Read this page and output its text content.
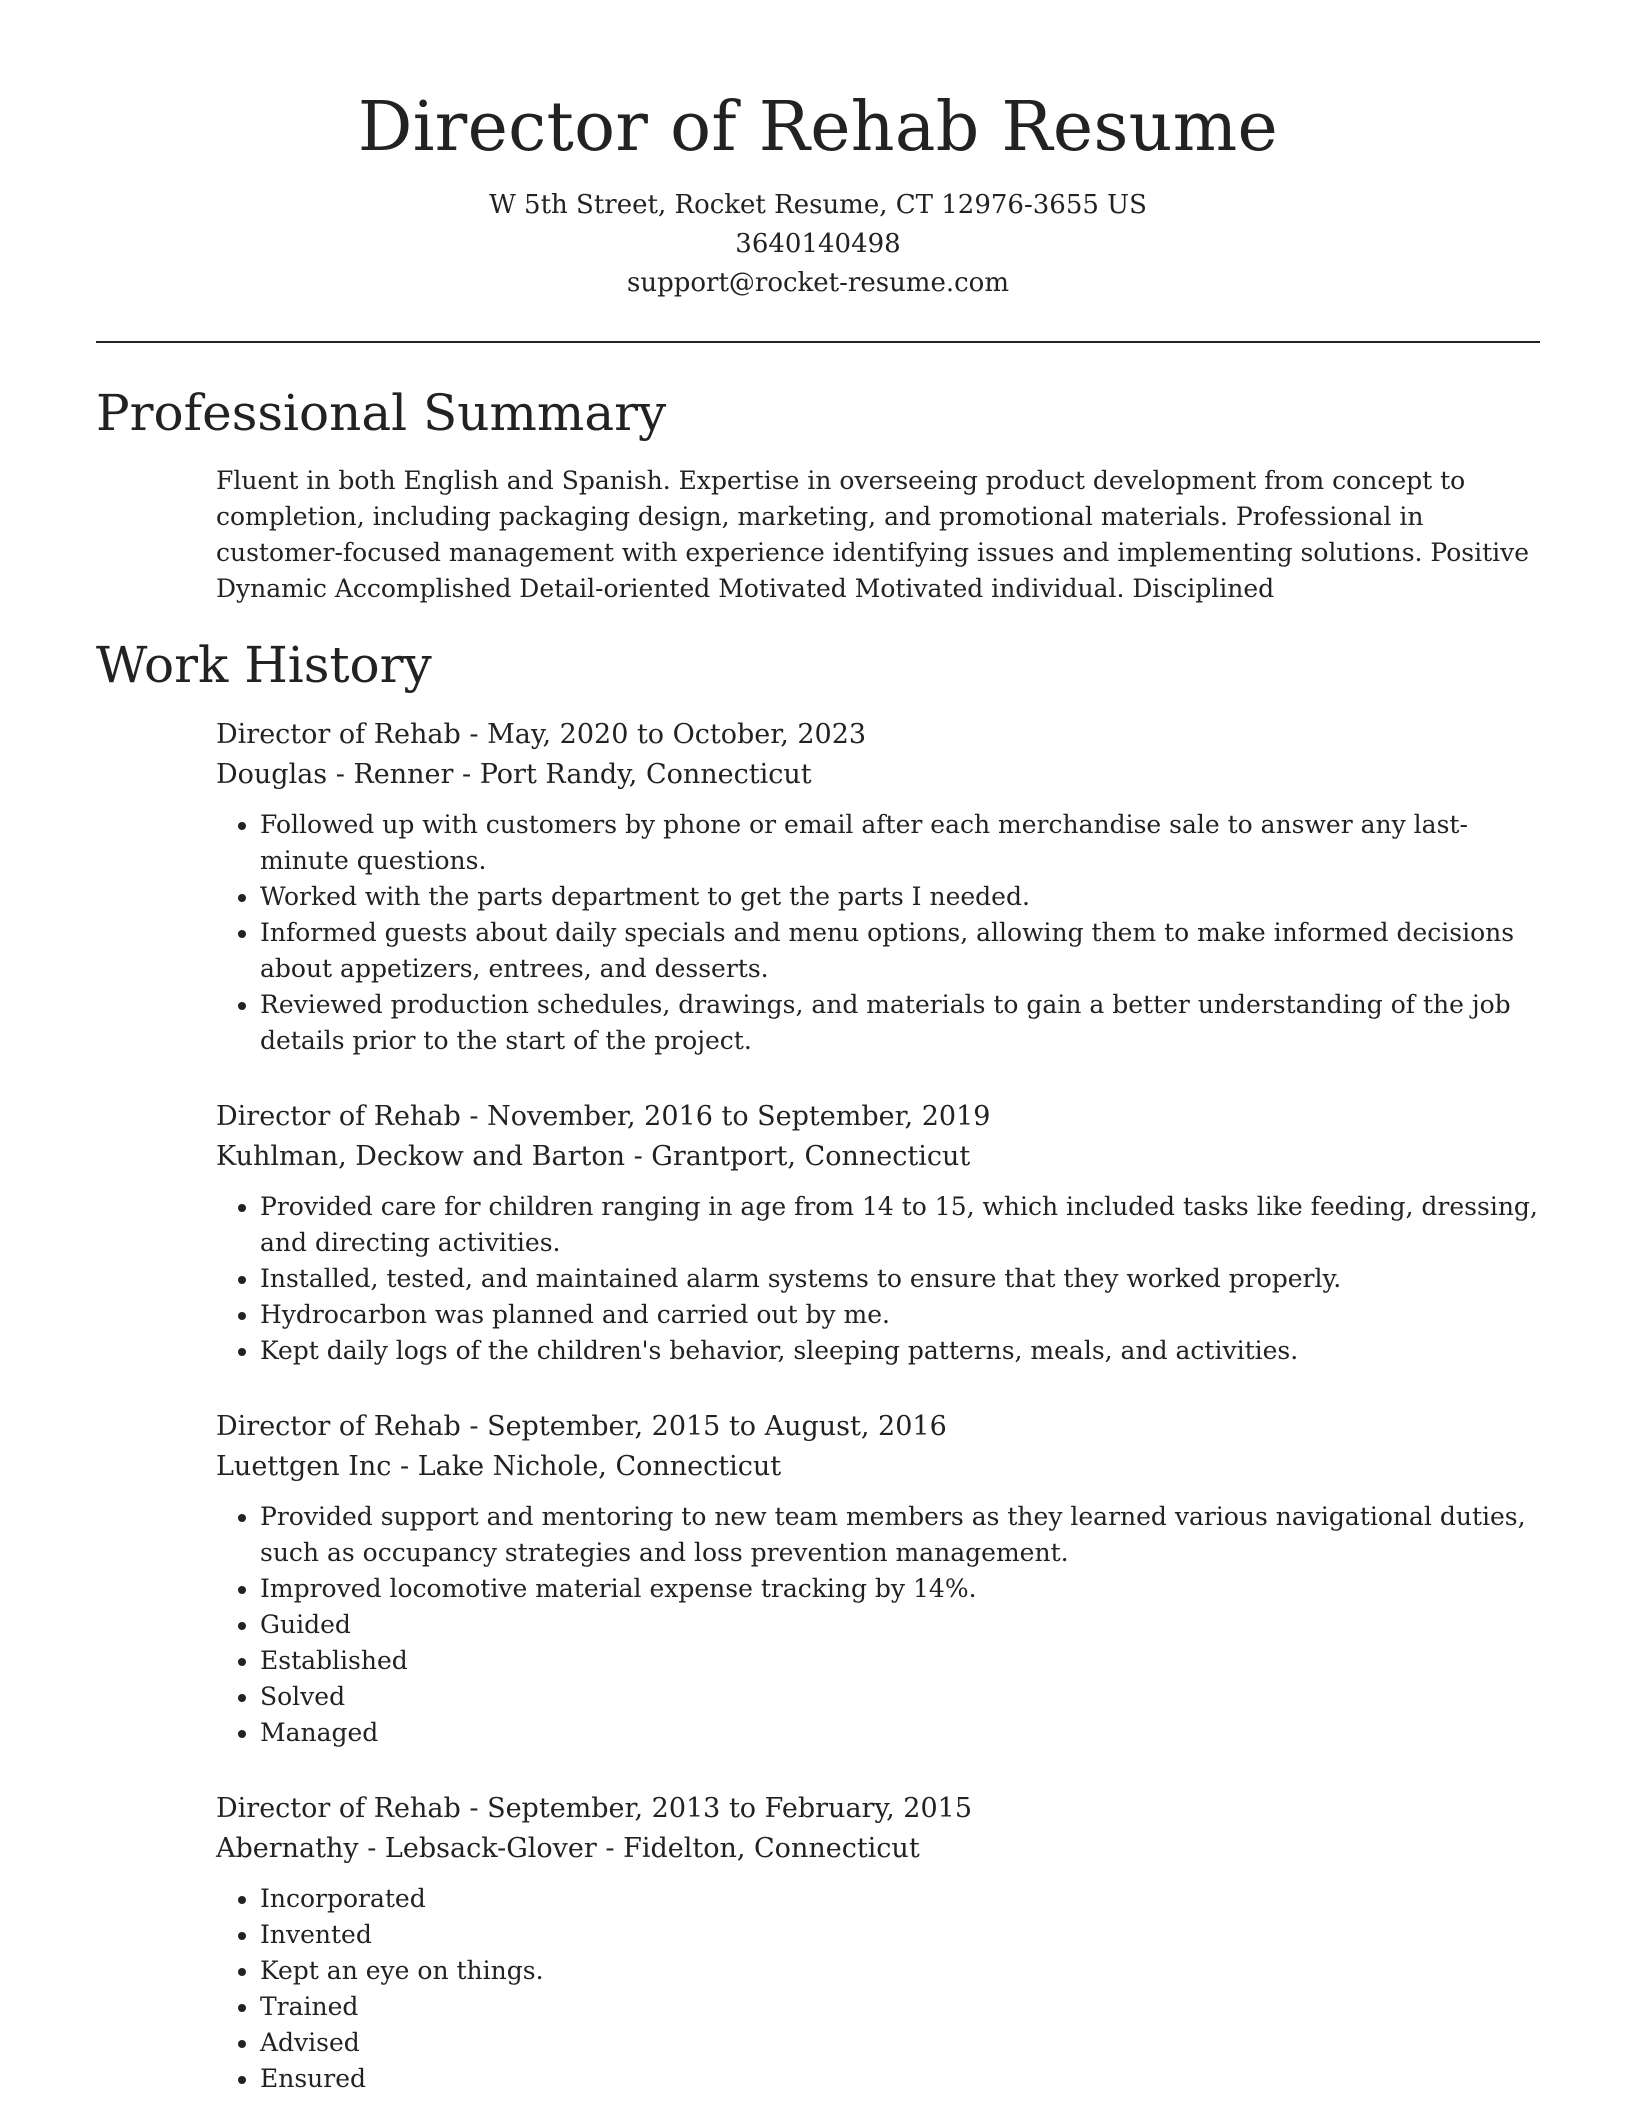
Director of Rehab Resume
W 5th Street, Rocket Resume, CT 12976-3655 US
3640140498
support@rocket-resume.com
Professional Summary
Fluent in both English and Spanish. Expertise in overseeing product development from concept to completion, including packaging design, marketing, and promotional materials. Professional in customer-focused management with experience identifying issues and implementing solutions. Positive Dynamic Accomplished Detail-oriented Motivated Motivated individual. Disciplined
Work History
Director of Rehab - May, 2020 to October, 2023
Douglas - Renner - Port Randy, Connecticut
• Followed up with customers by phone or email after each merchandise sale to answer any last-minute questions.
• Worked with the parts department to get the parts I needed.
• Informed guests about daily specials and menu options, allowing them to make informed decisions about appetizers, entrees, and desserts.
• Reviewed production schedules, drawings, and materials to gain a better understanding of the job details prior to the start of the project.
Director of Rehab - November, 2016 to September, 2019
Kuhlman, Deckow and Barton - Grantport, Connecticut
• Provided care for children ranging in age from 14 to 15, which included tasks like feeding, dressing, and directing activities.
• Installed, tested, and maintained alarm systems to ensure that they worked properly.
• Hydrocarbon was planned and carried out by me.
• Kept daily logs of the children's behavior, sleeping patterns, meals, and activities.
Director of Rehab - September, 2015 to August, 2016
Luettgen Inc - Lake Nichole, Connecticut
• Provided support and mentoring to new team members as they learned various navigational duties, such as occupancy strategies and loss prevention management.
• Improved locomotive material expense tracking by 14%.
• Guided
• Established
• Solved
• Managed
Director of Rehab - September, 2013 to February, 2015
Abernathy - Lebsack-Glover - Fidelton, Connecticut
• Incorporated
• Invented
• Kept an eye on things.
• Trained
• Advised
• Ensured
